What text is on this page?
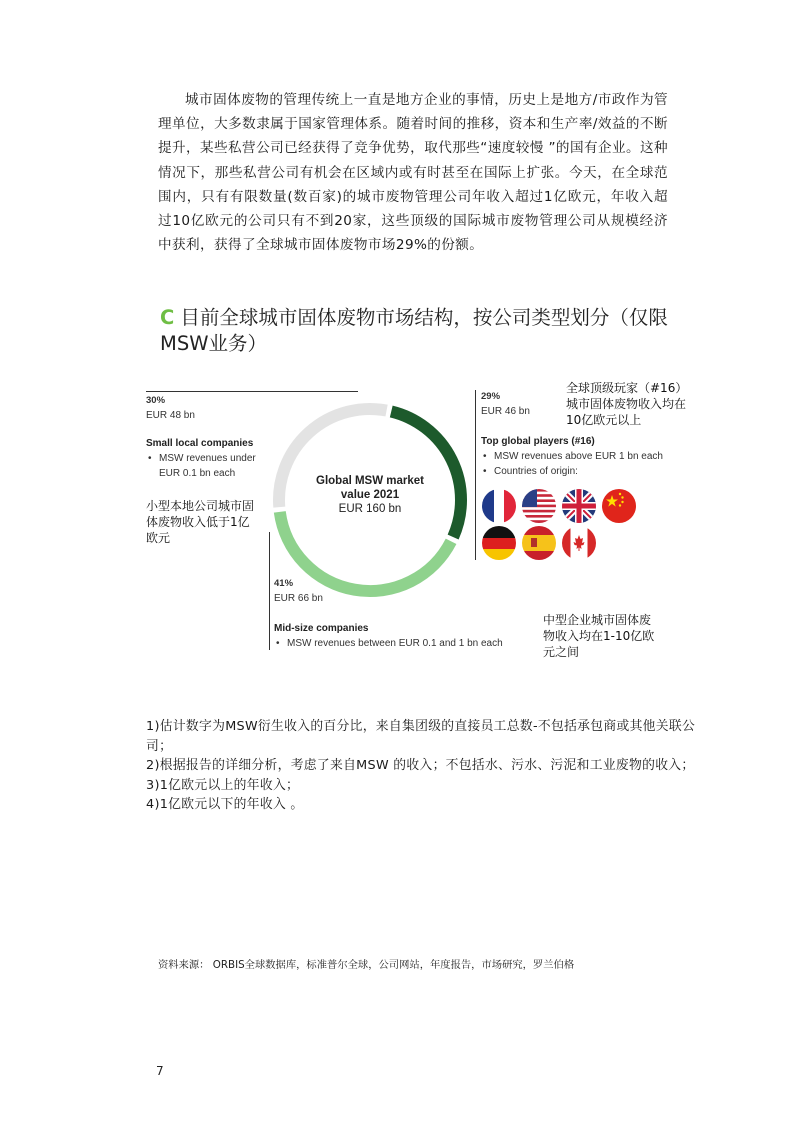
城市固体废物的管理传统上一直是地方企业的事情，历史上是地方/市政作为管理单位，大多数隶属于国家管理体系。随着时间的推移，资本和生产率/效益的不断提升，某些私营公司已经获得了竞争优势，取代那些“速度较慢 ”的国有企业。这种情况下，那些私营公司有机会在区域内或有时甚至在国际上扩张。今天，在全球范围内，只有有限数量(数百家)的城市废物管理公司年收入超过1亿欧元，年收入超过10亿欧元的公司只有不到20家，这些顶级的国际城市废物管理公司从规模经济中获利，获得了全球城市固体废物市场29%的份额。

C 目前全球城市固体废物市场结构，按公司类型划分（仅限MSW业务）
Global MSW market value 2021
EUR 160 bn
30%
EUR 48 bn
Small local companies
• MSW revenues under EUR 0.1 bn each
小型本地公司城市固体废物收入低于1亿欧元
29%
EUR 46 bn
全球顶级玩家（#16）城市固体废物收入均在10亿欧元以上
Top global players (#16)
• MSW revenues above EUR 1 bn each
• Countries of origin:
41%
EUR 66 bn
Mid-size companies
• MSW revenues between EUR 0.1 and 1 bn each
中型企业城市固体废物收入均在1-10亿欧元之间
1)估计数字为MSW衍生收入的百分比，来自集团级的直接员工总数-不包括承包商或其他关联公司；
2)根据报告的详细分析，考虑了来自MSW 的收入；不包括水、污水、污泥和工业废物的收入；
3)1亿欧元以上的年收入；
4)1亿欧元以下的年收入 。
资料来源： ORBIS全球数据库，标准普尔全球，公司网站，年度报告，市场研究，罗兰伯格
7
